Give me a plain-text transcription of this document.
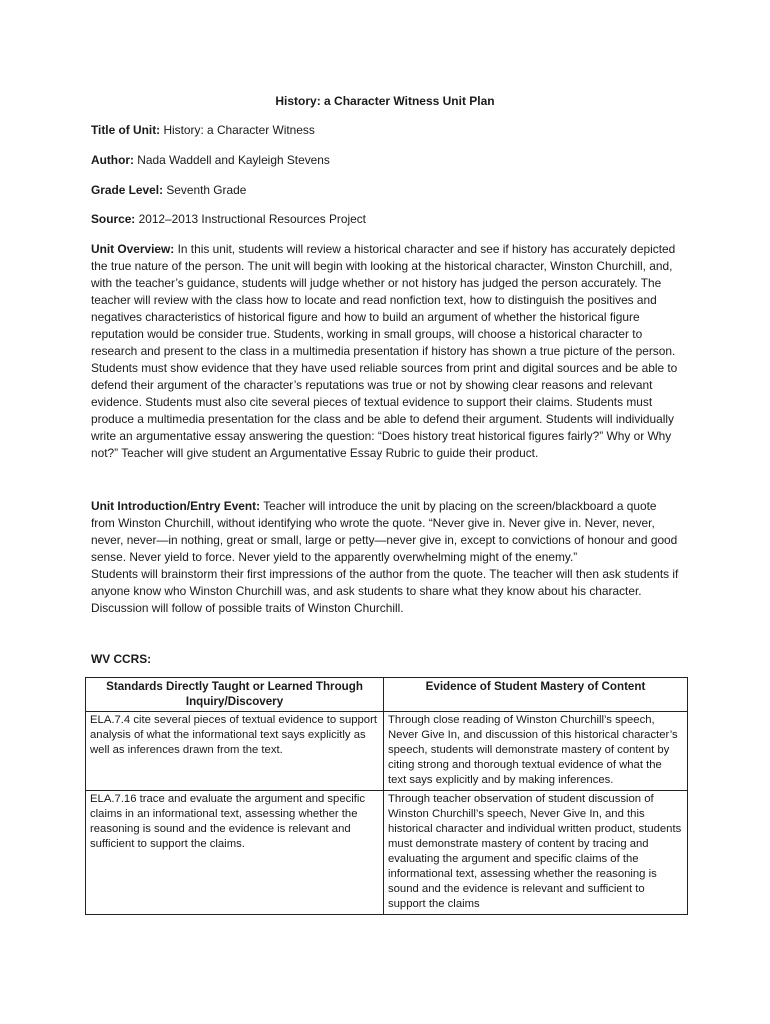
History: a Character Witness Unit Plan
Title of Unit: History: a Character Witness
Author: Nada Waddell and Kayleigh Stevens
Grade Level: Seventh Grade
Source: 2012–2013 Instructional Resources Project
Unit Overview: In this unit, students will review a historical character and see if history has accurately depicted the true nature of the person. The unit will begin with looking at the historical character, Winston Churchill, and, with the teacher’s guidance, students will judge whether or not history has judged the person accurately. The teacher will review with the class how to locate and read nonfiction text, how to distinguish the positives and negatives characteristics of historical figure and how to build an argument of whether the historical figure reputation would be consider true. Students, working in small groups, will choose a historical character to research and present to the class in a multimedia presentation if history has shown a true picture of the person. Students must show evidence that they have used reliable sources from print and digital sources and be able to defend their argument of the character’s reputations was true or not by showing clear reasons and relevant evidence. Students must also cite several pieces of textual evidence to support their claims. Students must produce a multimedia presentation for the class and be able to defend their argument. Students will individually write an argumentative essay answering the question: “Does history treat historical figures fairly?” Why or Why not?” Teacher will give student an Argumentative Essay Rubric to guide their product.
Unit Introduction/Entry Event: Teacher will introduce the unit by placing on the screen/blackboard a quote from Winston Churchill, without identifying who wrote the quote. “Never give in. Never give in. Never, never, never, never—in nothing, great or small, large or petty—never give in, except to convictions of honour and good sense. Never yield to force. Never yield to the apparently overwhelming might of the enemy.”
Students will brainstorm their first impressions of the author from the quote. The teacher will then ask students if anyone know who Winston Churchill was, and ask students to share what they know about his character. Discussion will follow of possible traits of Winston Churchill.
WV CCRS:
Standards Directly Taught or Learned Through Inquiry/Discovery	Evidence of Student Mastery of Content
ELA.7.4 cite several pieces of textual evidence to support analysis of what the informational text says explicitly as well as inferences drawn from the text.	Through close reading of Winston Churchill’s speech, Never Give In, and discussion of this historical character’s speech, students will demonstrate mastery of content by citing strong and thorough textual evidence of what the text says explicitly and by making inferences.
ELA.7.16 trace and evaluate the argument and specific claims in an informational text, assessing whether the reasoning is sound and the evidence is relevant and sufficient to support the claims.	Through teacher observation of student discussion of Winston Churchill’s speech, Never Give In, and this historical character and individual written product, students must demonstrate mastery of content by tracing and evaluating the argument and specific claims of the informational text, assessing whether the reasoning is sound and the evidence is relevant and sufficient to support the claims
